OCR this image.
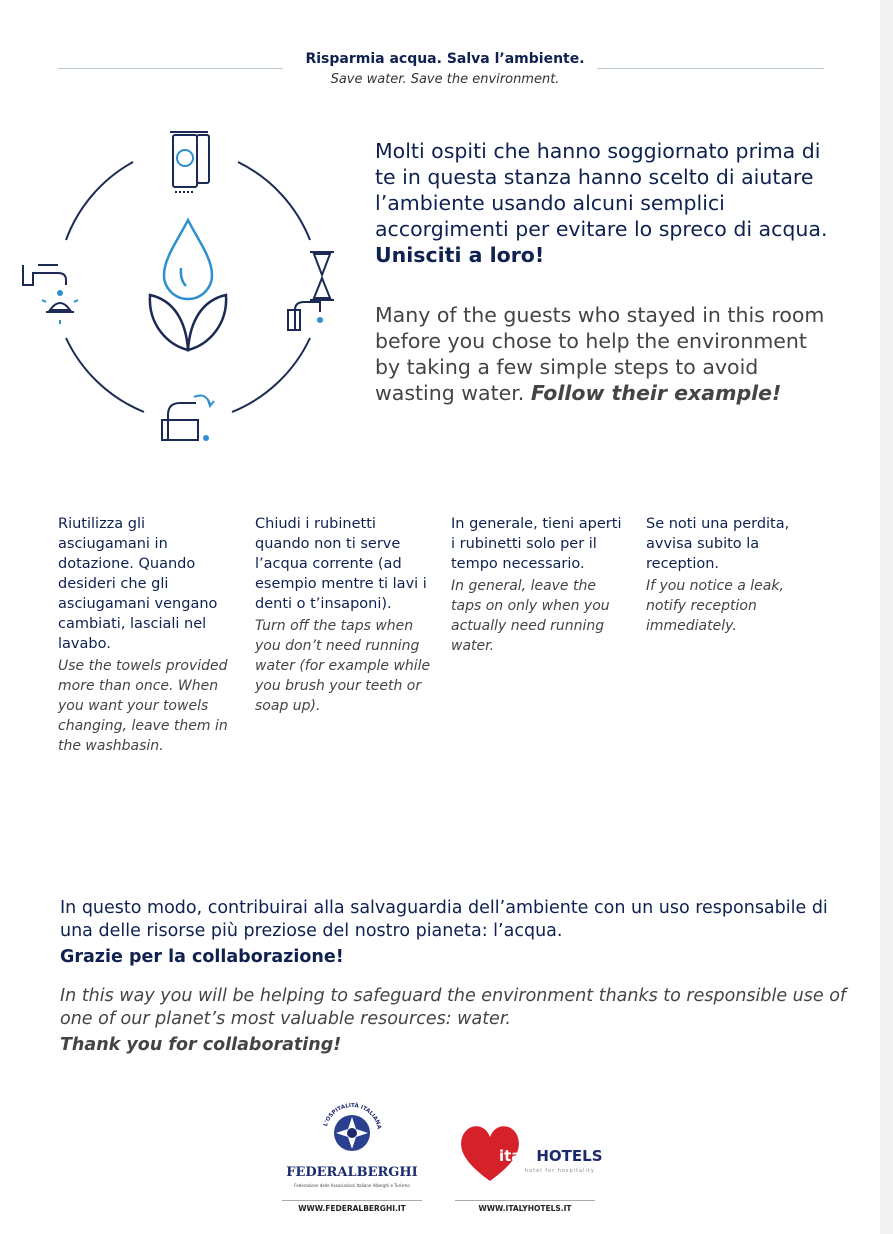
Risparmia acqua. Salva l’ambiente.
Save water. Save the environment.
Molti ospiti che hanno soggiornato prima di te in questa stanza hanno scelto di aiutare l’ambiente usando alcuni semplici accorgimenti per evitare lo spreco di acqua. Unisciti a loro!
Many of the guests who stayed in this room before you chose to help the environment by taking a few simple steps to avoid wasting water. Follow their example!
Riutilizza gli asciugamani in dotazione. Quando desideri che gli asciugamani vengano cambiati, lasciali nel lavabo.
Use the towels provided more than once. When you want your towels changing, leave them in the washbasin.
Chiudi i rubinetti quando non ti serve l’acqua corrente (ad esempio mentre ti lavi i denti o t’insaponi).
Turn off the taps when you don’t need running water (for example while you brush your teeth or soap up).
In generale, tieni aperti i rubinetti solo per il tempo necessario.
In general, leave the taps on only when you actually need running water.
Se noti una perdita, avvisa subito la reception.
If you notice a leak, notify reception immediately.
In questo modo, contribuirai alla salvaguardia dell’ambiente con un uso responsabile di una delle risorse più preziose del nostro pianeta: l’acqua.
Grazie per la collaborazione!
In this way you will be helping to safeguard the environment thanks to responsible use of one of our planet’s most valuable resources: water.
Thank you for collaborating!
L'OSPITALITÀ ITALIANA
FEDERALBERGHI
Federazione delle Associazioni Italiane Alberghi e Turismo
WWW.FEDERALBERGHI.IT
italyHOTELS
hotel for hospitality
WWW.ITALYHOTELS.IT
